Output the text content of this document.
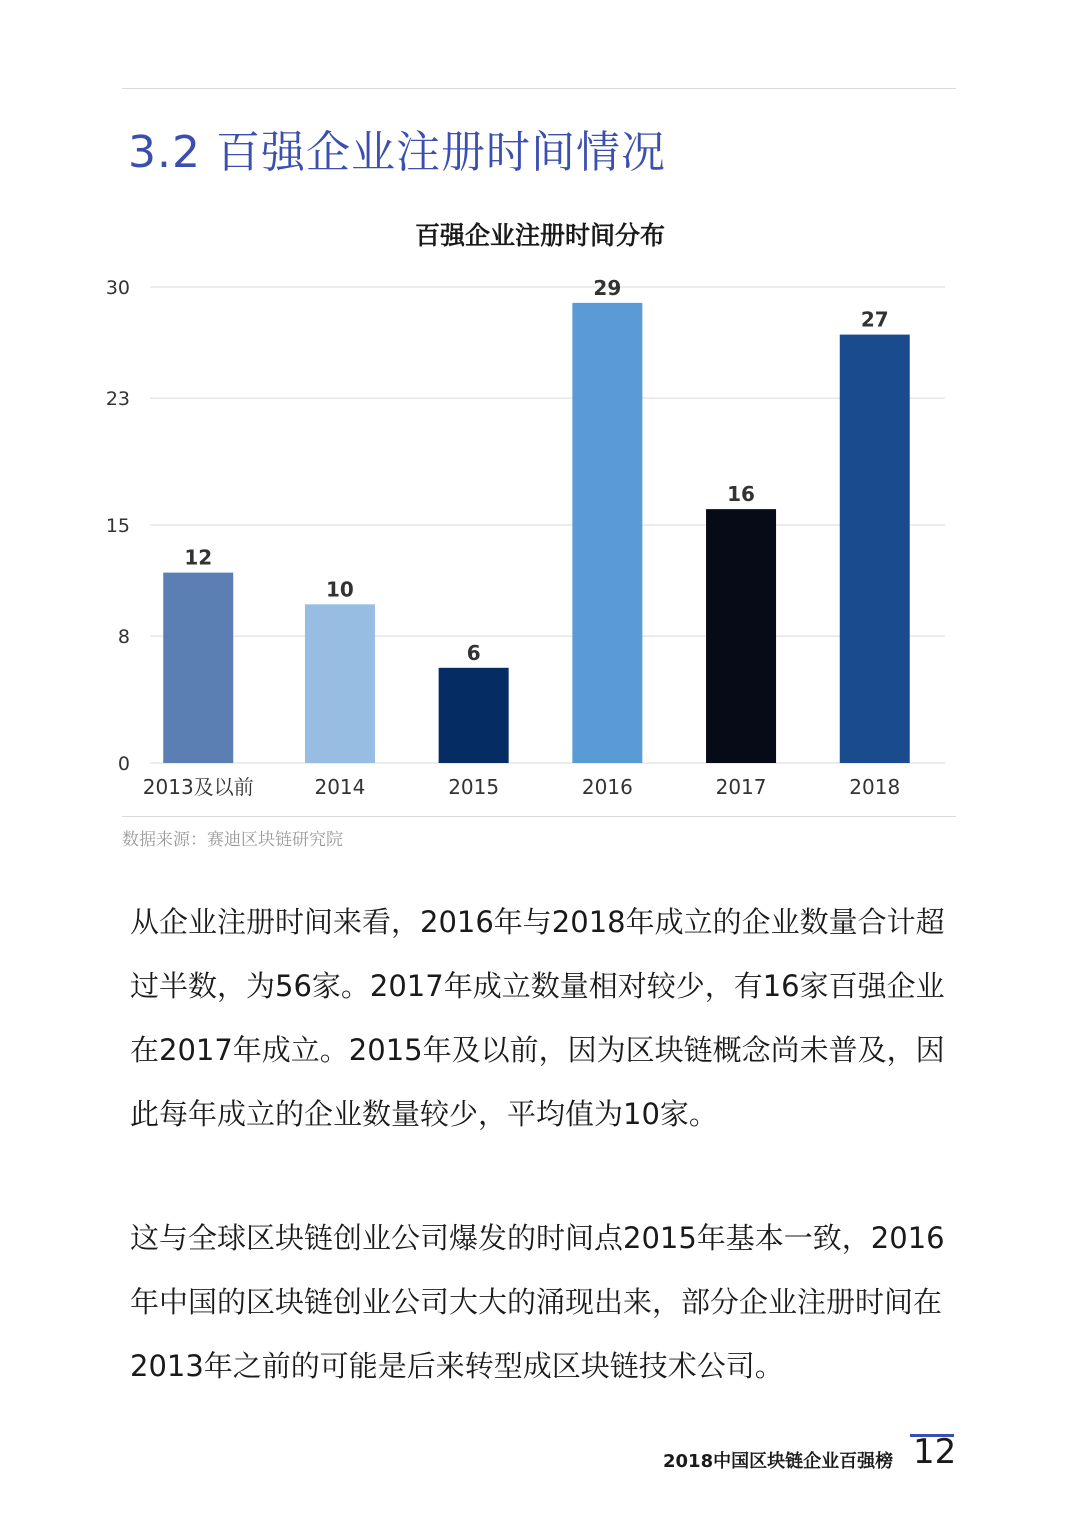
3.2 百强企业注册时间情况
百强企业注册时间分布
0
8
15
23
30
12
2013及以前
10
2014
6
2015
29
2016
16
2017
27
2018
数据来源：赛迪区块链研究院
从企业注册时间来看，2016年与2018年成立的企业数量合计超过半数，为56家。2017年成立数量相对较少，有16家百强企业在2017年成立。2015年及以前，因为区块链概念尚未普及，因此每年成立的企业数量较少，平均值为10家。
这与全球区块链创业公司爆发的时间点2015年基本一致，2016年中国的区块链创业公司大大的涌现出来，部分企业注册时间在2013年之前的可能是后来转型成区块链技术公司。
2018中国区块链企业百强榜 12
